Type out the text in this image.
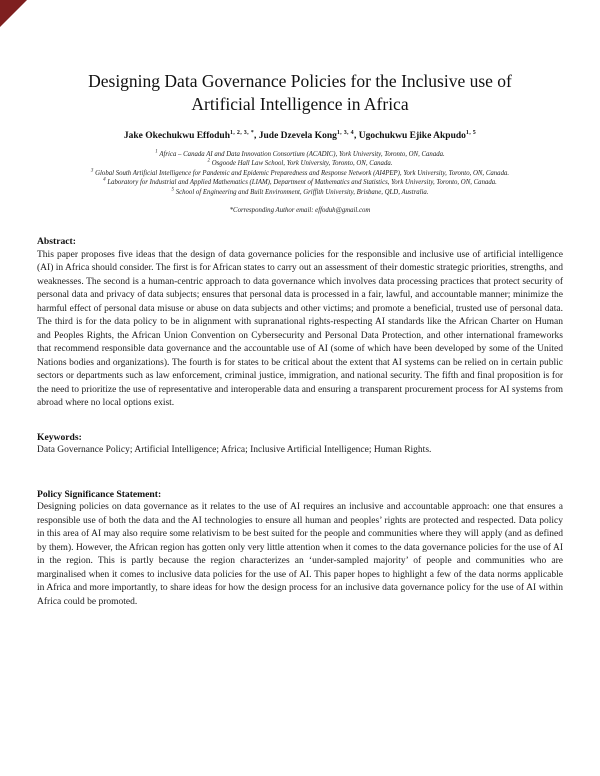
Designing Data Governance Policies for the Inclusive use of Artificial Intelligence in Africa
Jake Okechukwu Effoduh$^{1, 2, 3, *}$, Jude Dzevela Kong$^{1, 3, 4}$, Ugochukwu Ejike Akpudo$^{1, 5}$
$^1$ Africa – Canada AI and Data Innovation Consortium (ACADIC), York University, Toronto, ON, Canada.
$^2$ Osgoode Hall Law School, York University, Toronto, ON, Canada.
$^3$ Global South Artificial Intelligence for Pandemic and Epidemic Preparedness and Response Network (AI4PEP), York University, Toronto, ON, Canada.
$^4$ Laboratory for Industrial and Applied Mathematics (LIAM), Department of Mathematics and Statistics, York University, Toronto, ON, Canada.
$^5$ School of Engineering and Built Environment, Griffith University, Brisbane, QLD, Australia.
*Corresponding Author email: effoduh@gmail.com
Abstract:
This paper proposes five ideas that the design of data governance policies for the responsible and inclusive use of artificial intelligence (AI) in Africa should consider. The first is for African states to carry out an assessment of their domestic strategic priorities, strengths, and weaknesses. The second is a human-centric approach to data governance which involves data processing practices that protect security of personal data and privacy of data subjects; ensures that personal data is processed in a fair, lawful, and accountable manner; minimize the harmful effect of personal data misuse or abuse on data subjects and other victims; and promote a beneficial, trusted use of personal data. The third is for the data policy to be in alignment with supranational rights-respecting AI standards like the African Charter on Human and Peoples Rights, the African Union Convention on Cybersecurity and Personal Data Protection, and other international frameworks that recommend responsible data governance and the accountable use of AI (some of which have been developed by some of the United Nations bodies and organizations). The fourth is for states to be critical about the extent that AI systems can be relied on in certain public sectors or departments such as law enforcement, criminal justice, immigration, and national security. The fifth and final proposition is for the need to prioritize the use of representative and interoperable data and ensuring a transparent procurement process for AI systems from abroad where no local options exist.
Keywords:
Data Governance Policy; Artificial Intelligence; Africa; Inclusive Artificial Intelligence; Human Rights.
Policy Significance Statement:
Designing policies on data governance as it relates to the use of AI requires an inclusive and accountable approach: one that ensures a responsible use of both the data and the AI technologies to ensure all human and peoples’ rights are protected and respected. Data policy in this area of AI may also require some relativism to be best suited for the people and communities where they will apply (and as defined by them). However, the African region has gotten only very little attention when it comes to the data governance policies for the use of AI in the region. This is partly because the region characterizes an ‘under-sampled majority’ of people and communities who are marginalised when it comes to inclusive data policies for the use of AI. This paper hopes to highlight a few of the data norms applicable in Africa and more importantly, to share ideas for how the design process for an inclusive data governance policy for the use of AI within Africa could be promoted.
